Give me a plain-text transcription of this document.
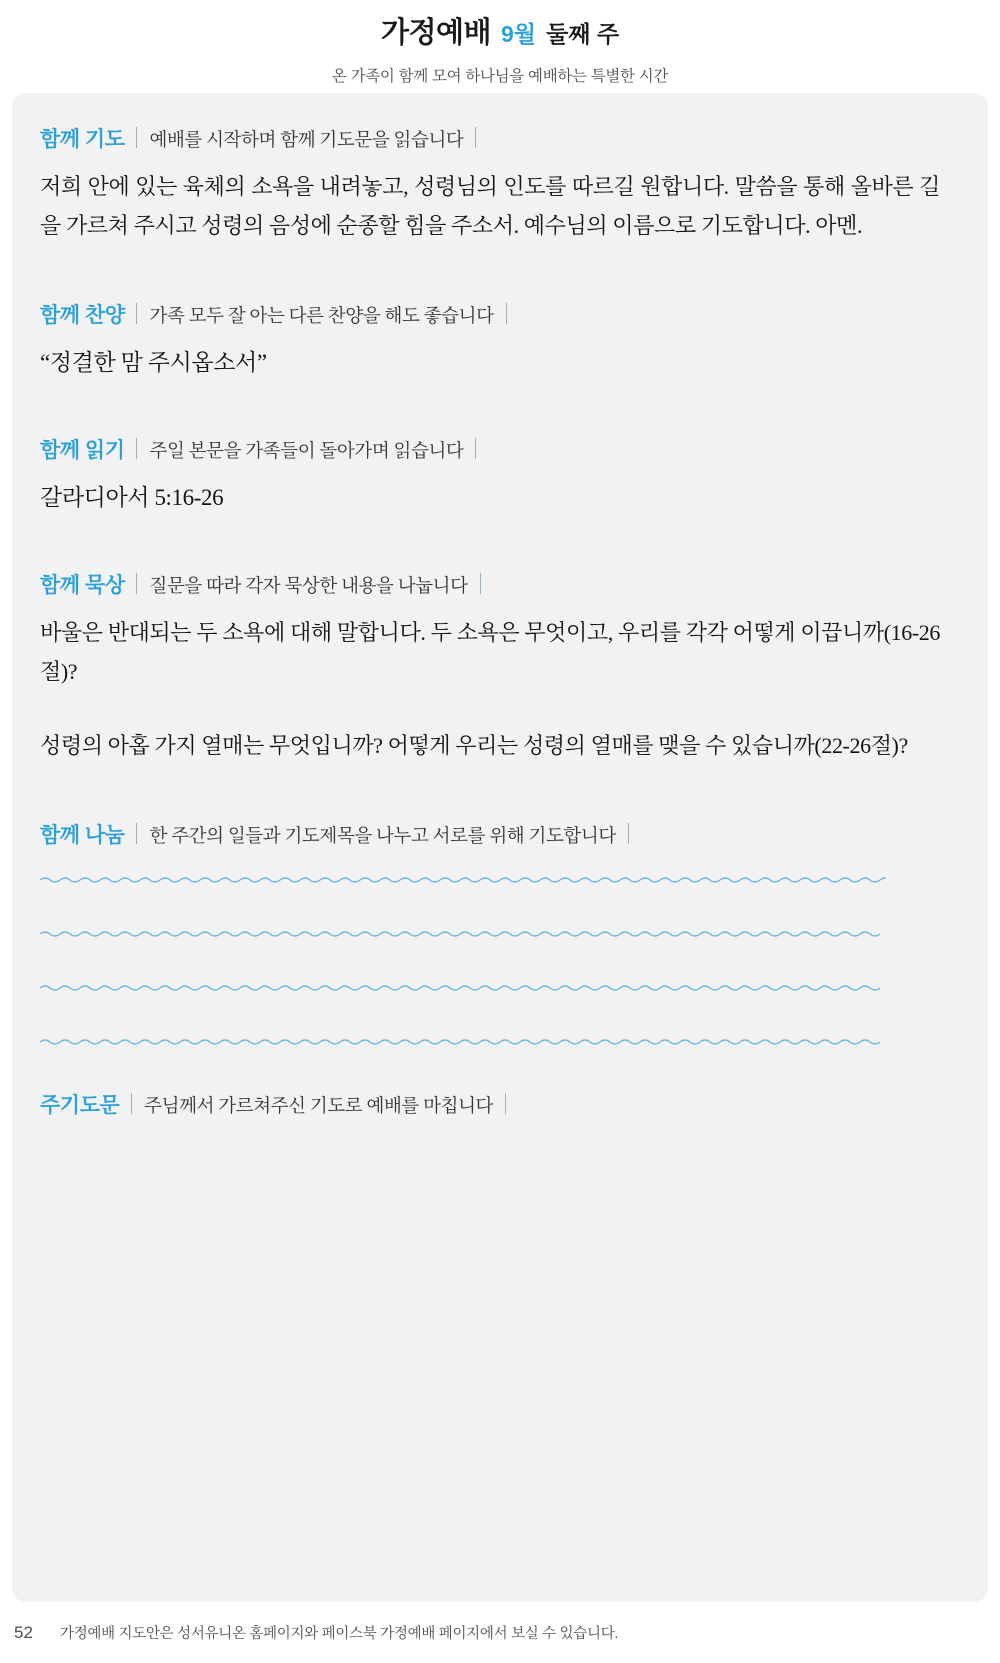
가정예배 9월 둘째 주
온 가족이 함께 모여 하나님을 예배하는 특별한 시간
함께 기도 예배를 시작하며 함께 기도문을 읽습니다
저희 안에 있는 육체의 소욕을 내려놓고, 성령님의 인도를 따르길 원합니다. 말씀을 통해 올바른 길을 가르쳐 주시고 성령의 음성에 순종할 힘을 주소서. 예수님의 이름으로 기도합니다. 아멘.
함께 찬양 가족 모두 잘 아는 다른 찬양을 해도 좋습니다
“정결한 맘 주시옵소서”
함께 읽기 주일 본문을 가족들이 돌아가며 읽습니다
갈라디아서 5:16-26
함께 묵상 질문을 따라 각자 묵상한 내용을 나눕니다
바울은 반대되는 두 소욕에 대해 말합니다. 두 소욕은 무엇이고, 우리를 각각 어떻게 이끕니까(16-26절)?
성령의 아홉 가지 열매는 무엇입니까? 어떻게 우리는 성령의 열매를 맺을 수 있습니까(22-26절)?
함께 나눔 한 주간의 일들과 기도제목을 나누고 서로를 위해 기도합니다
주기도문 주님께서 가르쳐주신 기도로 예배를 마칩니다
52	가정예배 지도안은 성서유니온 홈페이지와 페이스북 가정예배 페이지에서 보실 수 있습니다.
